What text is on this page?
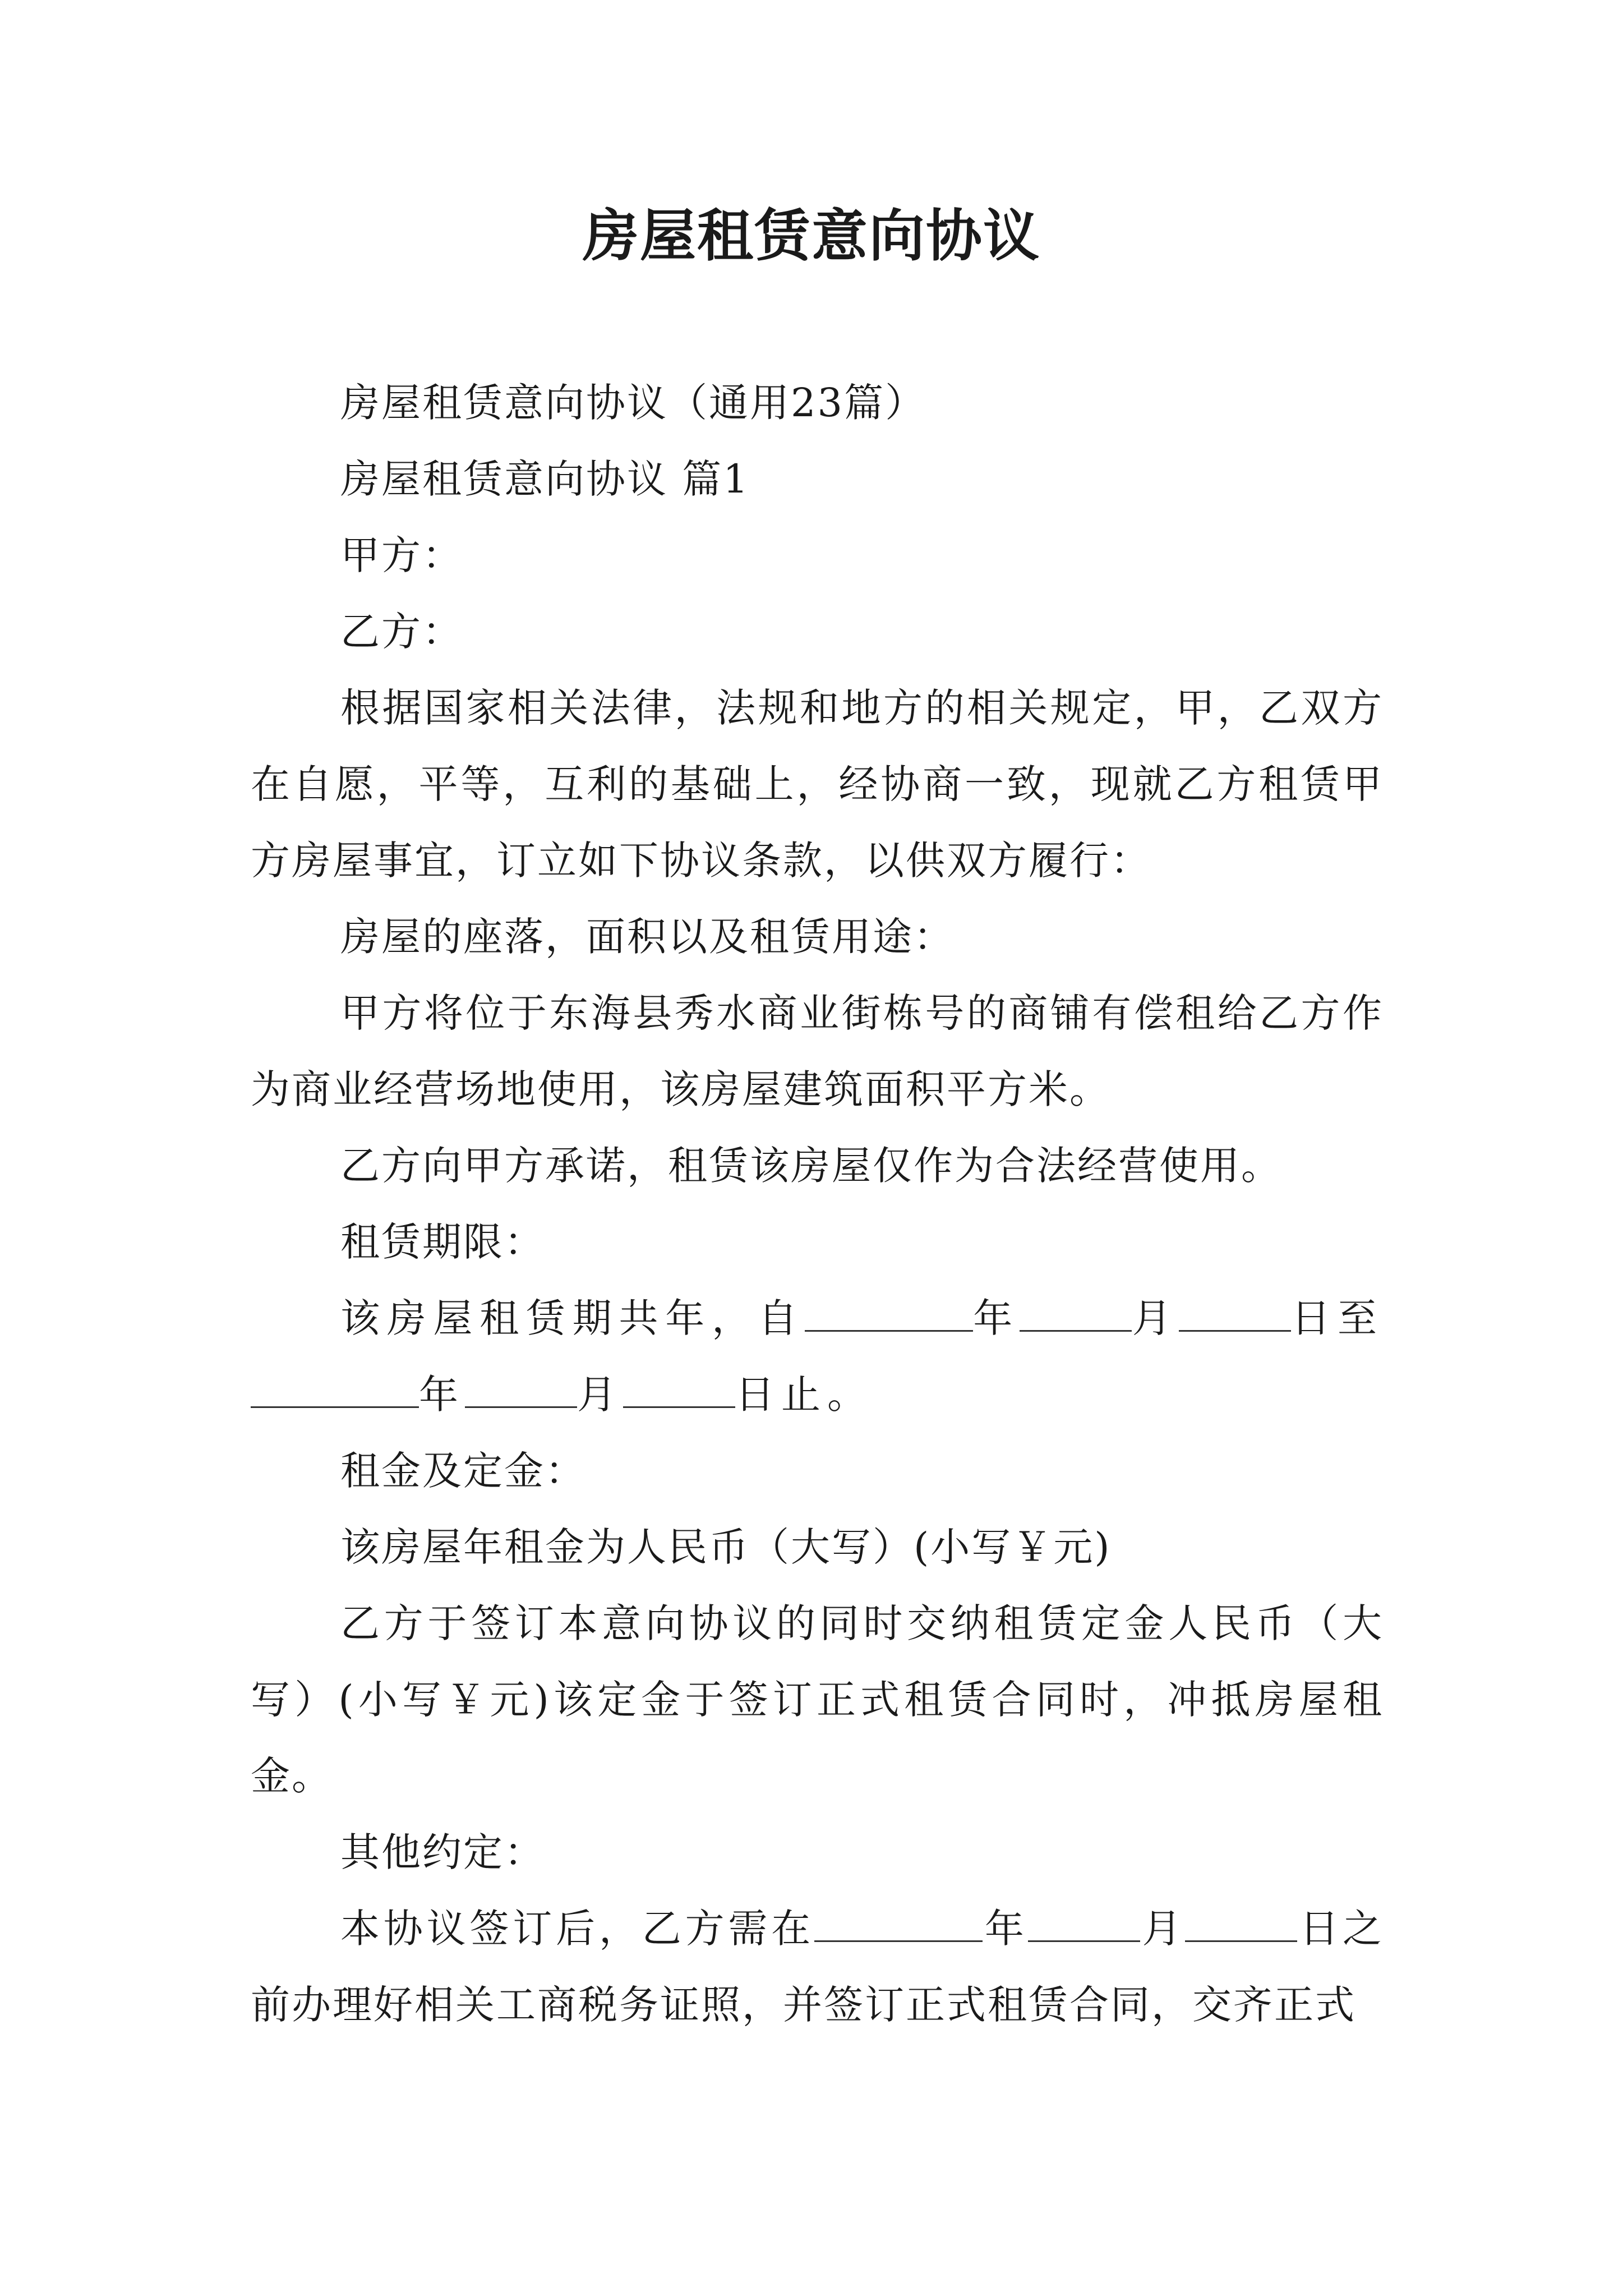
房屋租赁意向协议

房屋租赁意向协议（通用23篇）

房屋租赁意向协议 篇1

甲方：

乙方：

根据国家相关法律，法规和地方的相关规定，甲，乙双方在自愿，平等，互利的基础上，经协商一致，现就乙方租赁甲方房屋事宜，订立如下协议条款，以供双方履行：

房屋的座落，面积以及租赁用途：

甲方将位于东海县秀水商业街栋号的商铺有偿租给乙方作为商业经营场地使用，该房屋建筑面积平方米。

乙方向甲方承诺，租赁该房屋仅作为合法经营使用。

租赁期限：

该房屋租赁期共年，自	年	月	日至年	月	日止。

租金及定金：

该房屋年租金为人民币（大写）(小写￥元)

乙方于签订本意向协议的同时交纳租赁定金人民币（大写）(小写￥元)该定金于签订正式租赁合同时，冲抵房屋租金。

其他约定：

本协议签订后，乙方需在	年	月	日之前办理好相关工商税务证照，并签订正式租赁合同，交齐正式
